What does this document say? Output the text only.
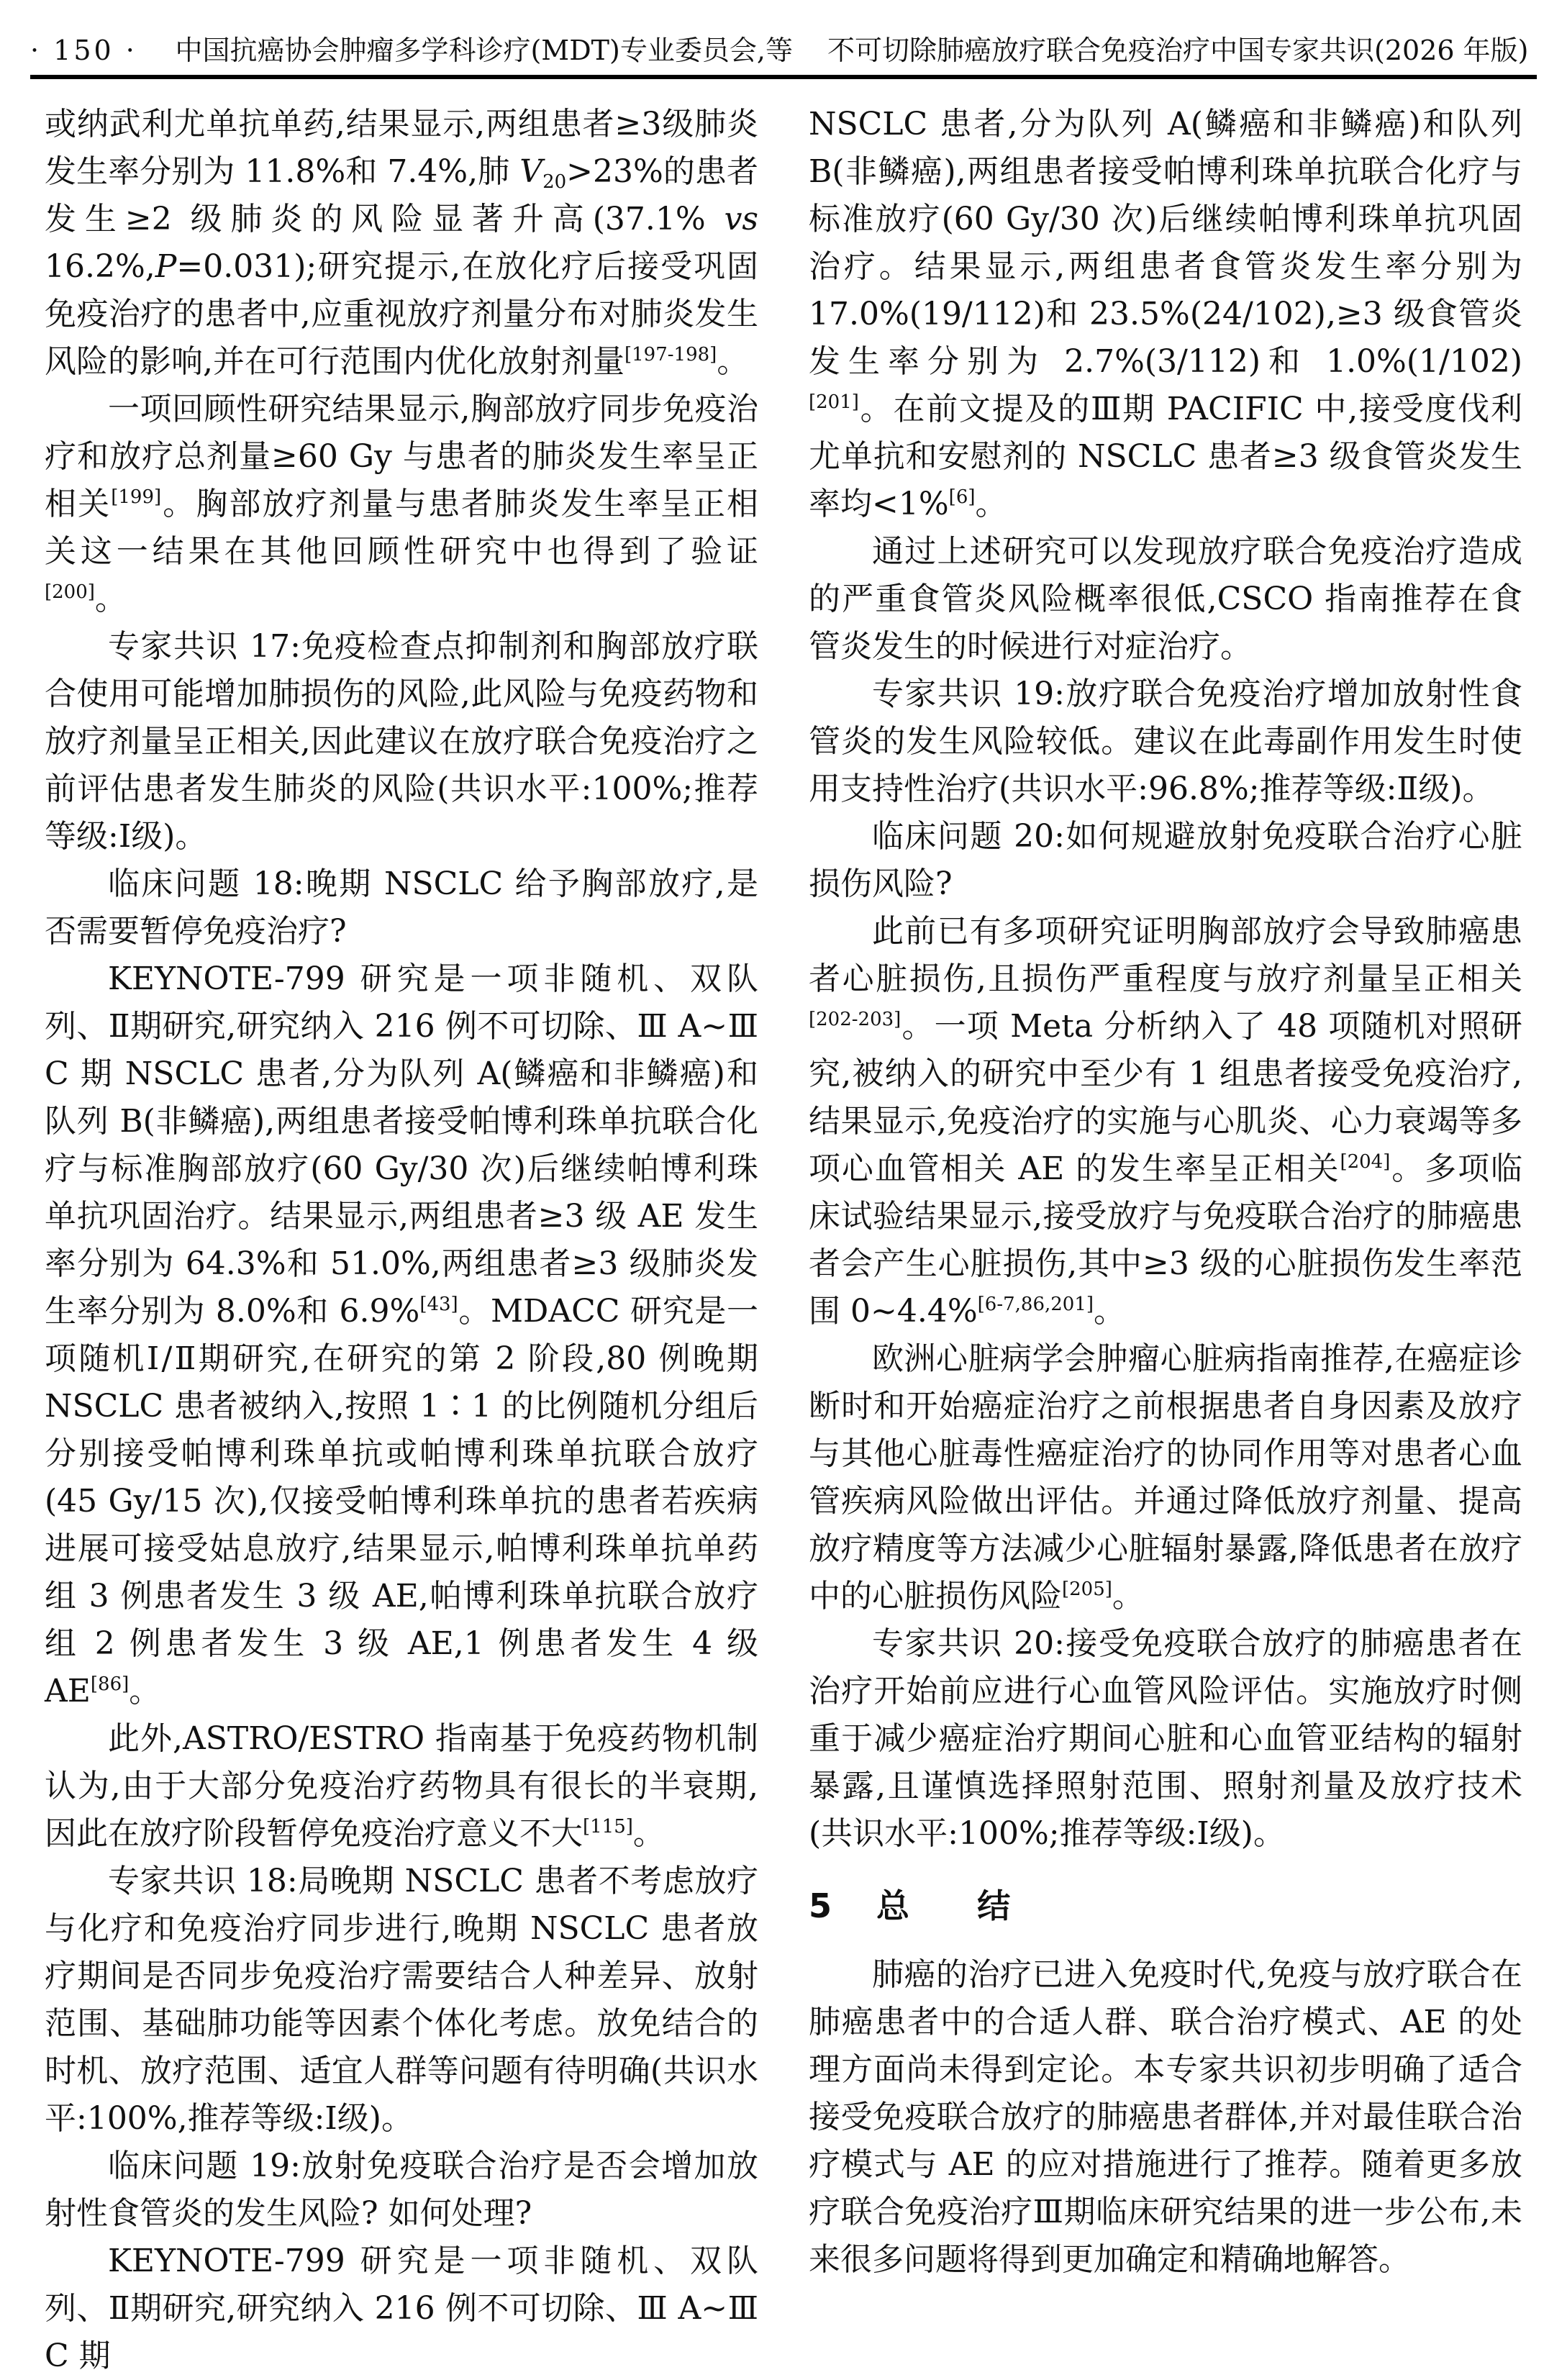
· 150 ·	中国抗癌协会肿瘤多学科诊疗(MDT)专业委员会,等 不可切除肺癌放疗联合免疫治疗中国专家共识(2026 年版)

或纳武利尤单抗单药,结果显示,两组患者≥3级肺炎发生率分别为 11.8%和 7.4%,肺 $V_{20}>23\%$的患者发生≥2 级肺炎的风险显著升高(37.1% vs 16.2%,P=0.031);研究提示,在放化疗后接受巩固免疫治疗的患者中,应重视放疗剂量分布对肺炎发生风险的影响,并在可行范围内优化放射剂量[197-198]。

一项回顾性研究结果显示,胸部放疗同步免疫治疗和放疗总剂量≥60 Gy 与患者的肺炎发生率呈正相关[199]。胸部放疗剂量与患者肺炎发生率呈正相关这一结果在其他回顾性研究中也得到了验证[200]。

专家共识 17:免疫检查点抑制剂和胸部放疗联合使用可能增加肺损伤的风险,此风险与免疫药物和放疗剂量呈正相关,因此建议在放疗联合免疫治疗之前评估患者发生肺炎的风险(共识水平:100%;推荐等级:Ⅰ级)。

临床问题 18:晚期 NSCLC 给予胸部放疗,是否需要暂停免疫治疗?

KEYNOTE-799 研究是一项非随机、双队列、Ⅱ期研究,研究纳入 216 例不可切除、Ⅲ A~Ⅲ C 期 NSCLC 患者,分为队列 A(鳞癌和非鳞癌)和队列 B(非鳞癌),两组患者接受帕博利珠单抗联合化疗与标准胸部放疗(60 Gy/30 次)后继续帕博利珠单抗巩固治疗。结果显示,两组患者≥3 级 AE 发生率分别为 64.3%和 51.0%,两组患者≥3 级肺炎发生率分别为 8.0%和 6.9%[43]。MDACC 研究是一项随机Ⅰ/Ⅱ期研究,在研究的第 2 阶段,80 例晚期 NSCLC 患者被纳入,按照 1∶1 的比例随机分组后分别接受帕博利珠单抗或帕博利珠单抗联合放疗(45 Gy/15 次),仅接受帕博利珠单抗的患者若疾病进展可接受姑息放疗,结果显示,帕博利珠单抗单药组 3 例患者发生 3 级 AE,帕博利珠单抗联合放疗组 2 例患者发生 3 级 AE,1 例患者发生 4 级 AE[86]。

此外,ASTRO/ESTRO 指南基于免疫药物机制认为,由于大部分免疫治疗药物具有很长的半衰期,因此在放疗阶段暂停免疫治疗意义不大[115]。

专家共识 18:局晚期 NSCLC 患者不考虑放疗与化疗和免疫治疗同步进行,晚期 NSCLC 患者放疗期间是否同步免疫治疗需要结合人种差异、放射范围、基础肺功能等因素个体化考虑。放免结合的时机、放疗范围、适宜人群等问题有待明确(共识水平:100%,推荐等级:Ⅰ级)。

临床问题 19:放射免疫联合治疗是否会增加放射性食管炎的发生风险? 如何处理?

KEYNOTE-799 研究是一项非随机、双队列、Ⅱ期研究,研究纳入 216 例不可切除、Ⅲ A~Ⅲ C 期

NSCLC 患者,分为队列 A(鳞癌和非鳞癌)和队列 B(非鳞癌),两组患者接受帕博利珠单抗联合化疗与标准放疗(60 Gy/30 次)后继续帕博利珠单抗巩固治疗。结果显示,两组患者食管炎发生率分别为 17.0%(19/112)和 23.5%(24/102),≥3 级食管炎发生率分别为 2.7%(3/112)和 1.0%(1/102)[201]。在前文提及的Ⅲ期 PACIFIC 中,接受度伐利尤单抗和安慰剂的 NSCLC 患者≥3 级食管炎发生率均<1%[6]。

通过上述研究可以发现放疗联合免疫治疗造成的严重食管炎风险概率很低,CSCO 指南推荐在食管炎发生的时候进行对症治疗。

专家共识 19:放疗联合免疫治疗增加放射性食管炎的发生风险较低。建议在此毒副作用发生时使用支持性治疗(共识水平:96.8%;推荐等级:Ⅱ级)。

临床问题 20:如何规避放射免疫联合治疗心脏损伤风险?

此前已有多项研究证明胸部放疗会导致肺癌患者心脏损伤,且损伤严重程度与放疗剂量呈正相关[202-203]。一项 Meta 分析纳入了 48 项随机对照研究,被纳入的研究中至少有 1 组患者接受免疫治疗,结果显示,免疫治疗的实施与心肌炎、心力衰竭等多项心血管相关 AE 的发生率呈正相关[204]。多项临床试验结果显示,接受放疗与免疫联合治疗的肺癌患者会产生心脏损伤,其中≥3 级的心脏损伤发生率范围 0~4.4%[6-7,86,201]。

欧洲心脏病学会肿瘤心脏病指南推荐,在癌症诊断时和开始癌症治疗之前根据患者自身因素及放疗与其他心脏毒性癌症治疗的协同作用等对患者心血管疾病风险做出评估。并通过降低放疗剂量、提高放疗精度等方法减少心脏辐射暴露,降低患者在放疗中的心脏损伤风险[205]。

专家共识 20:接受免疫联合放疗的肺癌患者在治疗开始前应进行心血管风险评估。实施放疗时侧重于减少癌症治疗期间心脏和心血管亚结构的辐射暴露,且谨慎选择照射范围、照射剂量及放疗技术(共识水平:100%;推荐等级:Ⅰ级)。

5 总 结

肺癌的治疗已进入免疫时代,免疫与放疗联合在肺癌患者中的合适人群、联合治疗模式、AE 的处理方面尚未得到定论。本专家共识初步明确了适合接受免疫联合放疗的肺癌患者群体,并对最佳联合治疗模式与 AE 的应对措施进行了推荐。随着更多放疗联合免疫治疗Ⅲ期临床研究结果的进一步公布,未来很多问题将得到更加确定和精确地解答。
